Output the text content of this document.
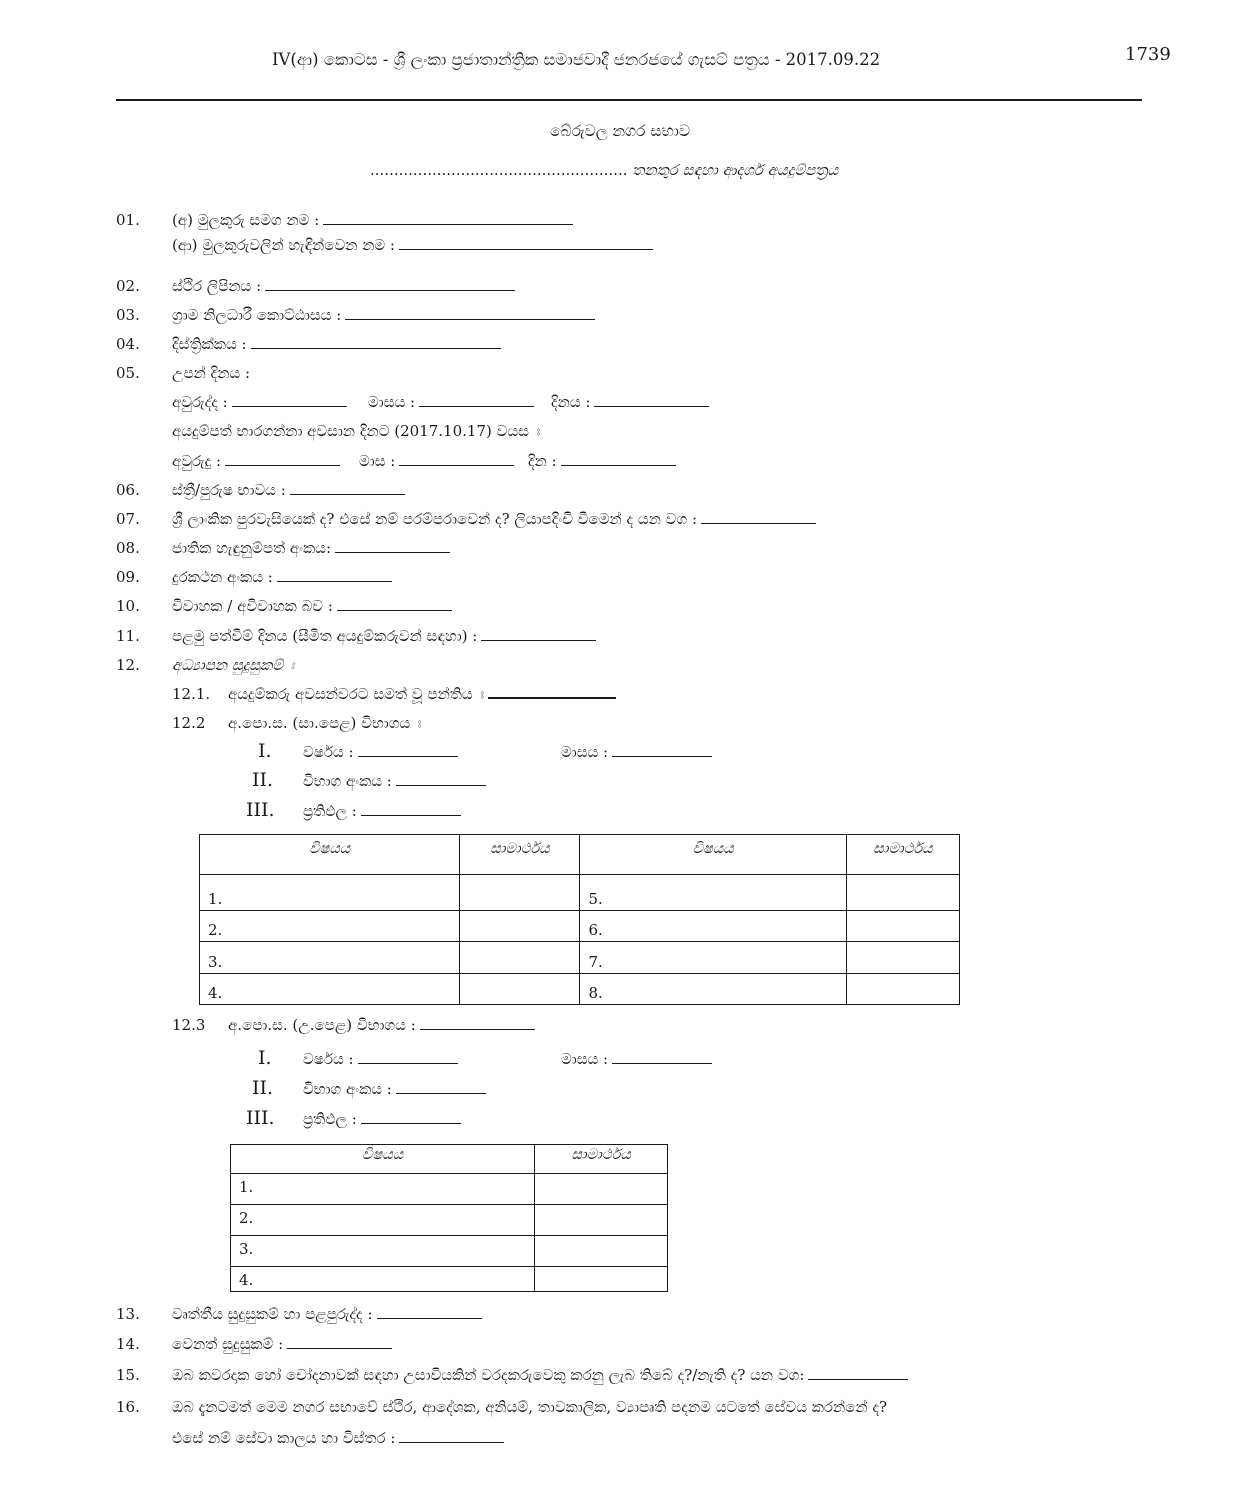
IV(ආ) කොටස - ශ්‍රී ලංකා ප්‍රජාතාන්ත්‍රික සමාජවාදී ජනරජයේ ගැසට් පත්‍රය - 2017.09.22	1739
බේරුවල නගර සභාව
...................................................... තනතුර සඳහා ආදර්ශ අයදුම්පත්‍රය
01. (අ) මුලකුරු සමග නම :
(ආ) මුලකුරුවලින් හැඳින්වෙන නම :
02. ස්ථිර ලිපිනය :
03. ග්‍රාම නිලධාරී කොට්ඨාසය :
04. දිස්ත්‍රික්කය :
05. උපන් දිනය :
අවුරුද්ද :	මාසය :	දිනය :
අයදුම්පත් භාරගන්නා අවසාන දිනට (2017.10.17) වයස ඃ
අවුරුදු :	මාස :	දින :
06. ස්ත්‍රී/පුරුෂ භාවය :
07. ශ්‍රී ලාංකික පුරවැසියෙක් ද? එසේ නම් පරම්පරාවෙන් ද? ලියාපදිංචි වීමෙන් ද යන වග :
08. ජාතික හැඳුනුම්පත් අංකය:
09. දුරකථන අංකය :
10. විවාහක / අවිවාහක බව :
11. පළමු පත්වීම් දිනය (සීමිත අයදුම්කරුවන් සඳහා) :
12. අධ්‍යාපන සුදුසුකම් ඃ
12.1. අයදුම්කරු අවසන්වරට සමත් වූ පන්තිය ඃ
12.2 අ.පො.ස. (සා.පෙළ) විභාගය ඃ
I. වර්ෂය :	මාසය :
II. විභාග අංකය :
III. ප්‍රතිඵල :
විෂයය	සාමාර්ථය	විෂයය	සාමාර්ථය
1.		5.	
2.		6.	
3.		7.	
4.		8.	
12.3 අ.පො.ස. (උ.පෙළ) විභාගය :
I. වර්ෂය :	මාසය :
II. විභාග අංකය :
III. ප්‍රතිඵල :
විෂයය	සාමාර්ථය
1.	
2.	
3.	
4.	
13. වෘත්තීය සුදුසුකම් හා පළපුරුද්ද :
14. වෙනත් සුදුසුකම් :
15. ඔබ කවරදාක හෝ චෝදනාවක් සඳහා උසාවියකින් වරදකරුවෙකු කරනු ලැබ තිබේ ද?/නැති ද? යන වග:
16. ඔබ දැනටමත් මෙම නගර සභාවේ ස්ථිර, ආදේශක, අනියම්, තාවකාලික, ව්‍යාපෘති පදනම යටතේ සේවය කරන්නේ ද?
එසේ නම් සේවා කාලය හා විස්තර :
